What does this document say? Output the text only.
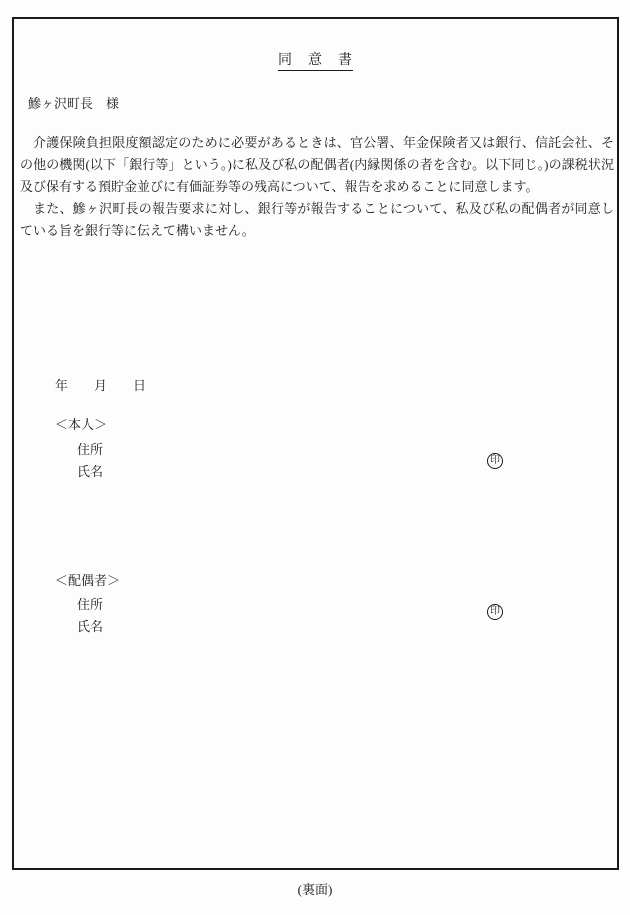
同　意　書
鰺ヶ沢町長　様

介護保険負担限度額認定のために必要があるときは、官公署、年金保険者又は銀行、信託会社、その他の機関(以下「銀行等」という。)に私及び私の配偶者(内縁関係の者を含む。以下同じ。)の課税状況及び保有する預貯金並びに有価証券等の残高について、報告を求めることに同意します。

また、鰺ヶ沢町長の報告要求に対し、銀行等が報告することについて、私及び私の配偶者が同意している旨を銀行等に伝えて構いません。

年　　月　　日
＜本人＞
住所
氏名
印
＜配偶者＞
住所
氏名
印
(裏面)
